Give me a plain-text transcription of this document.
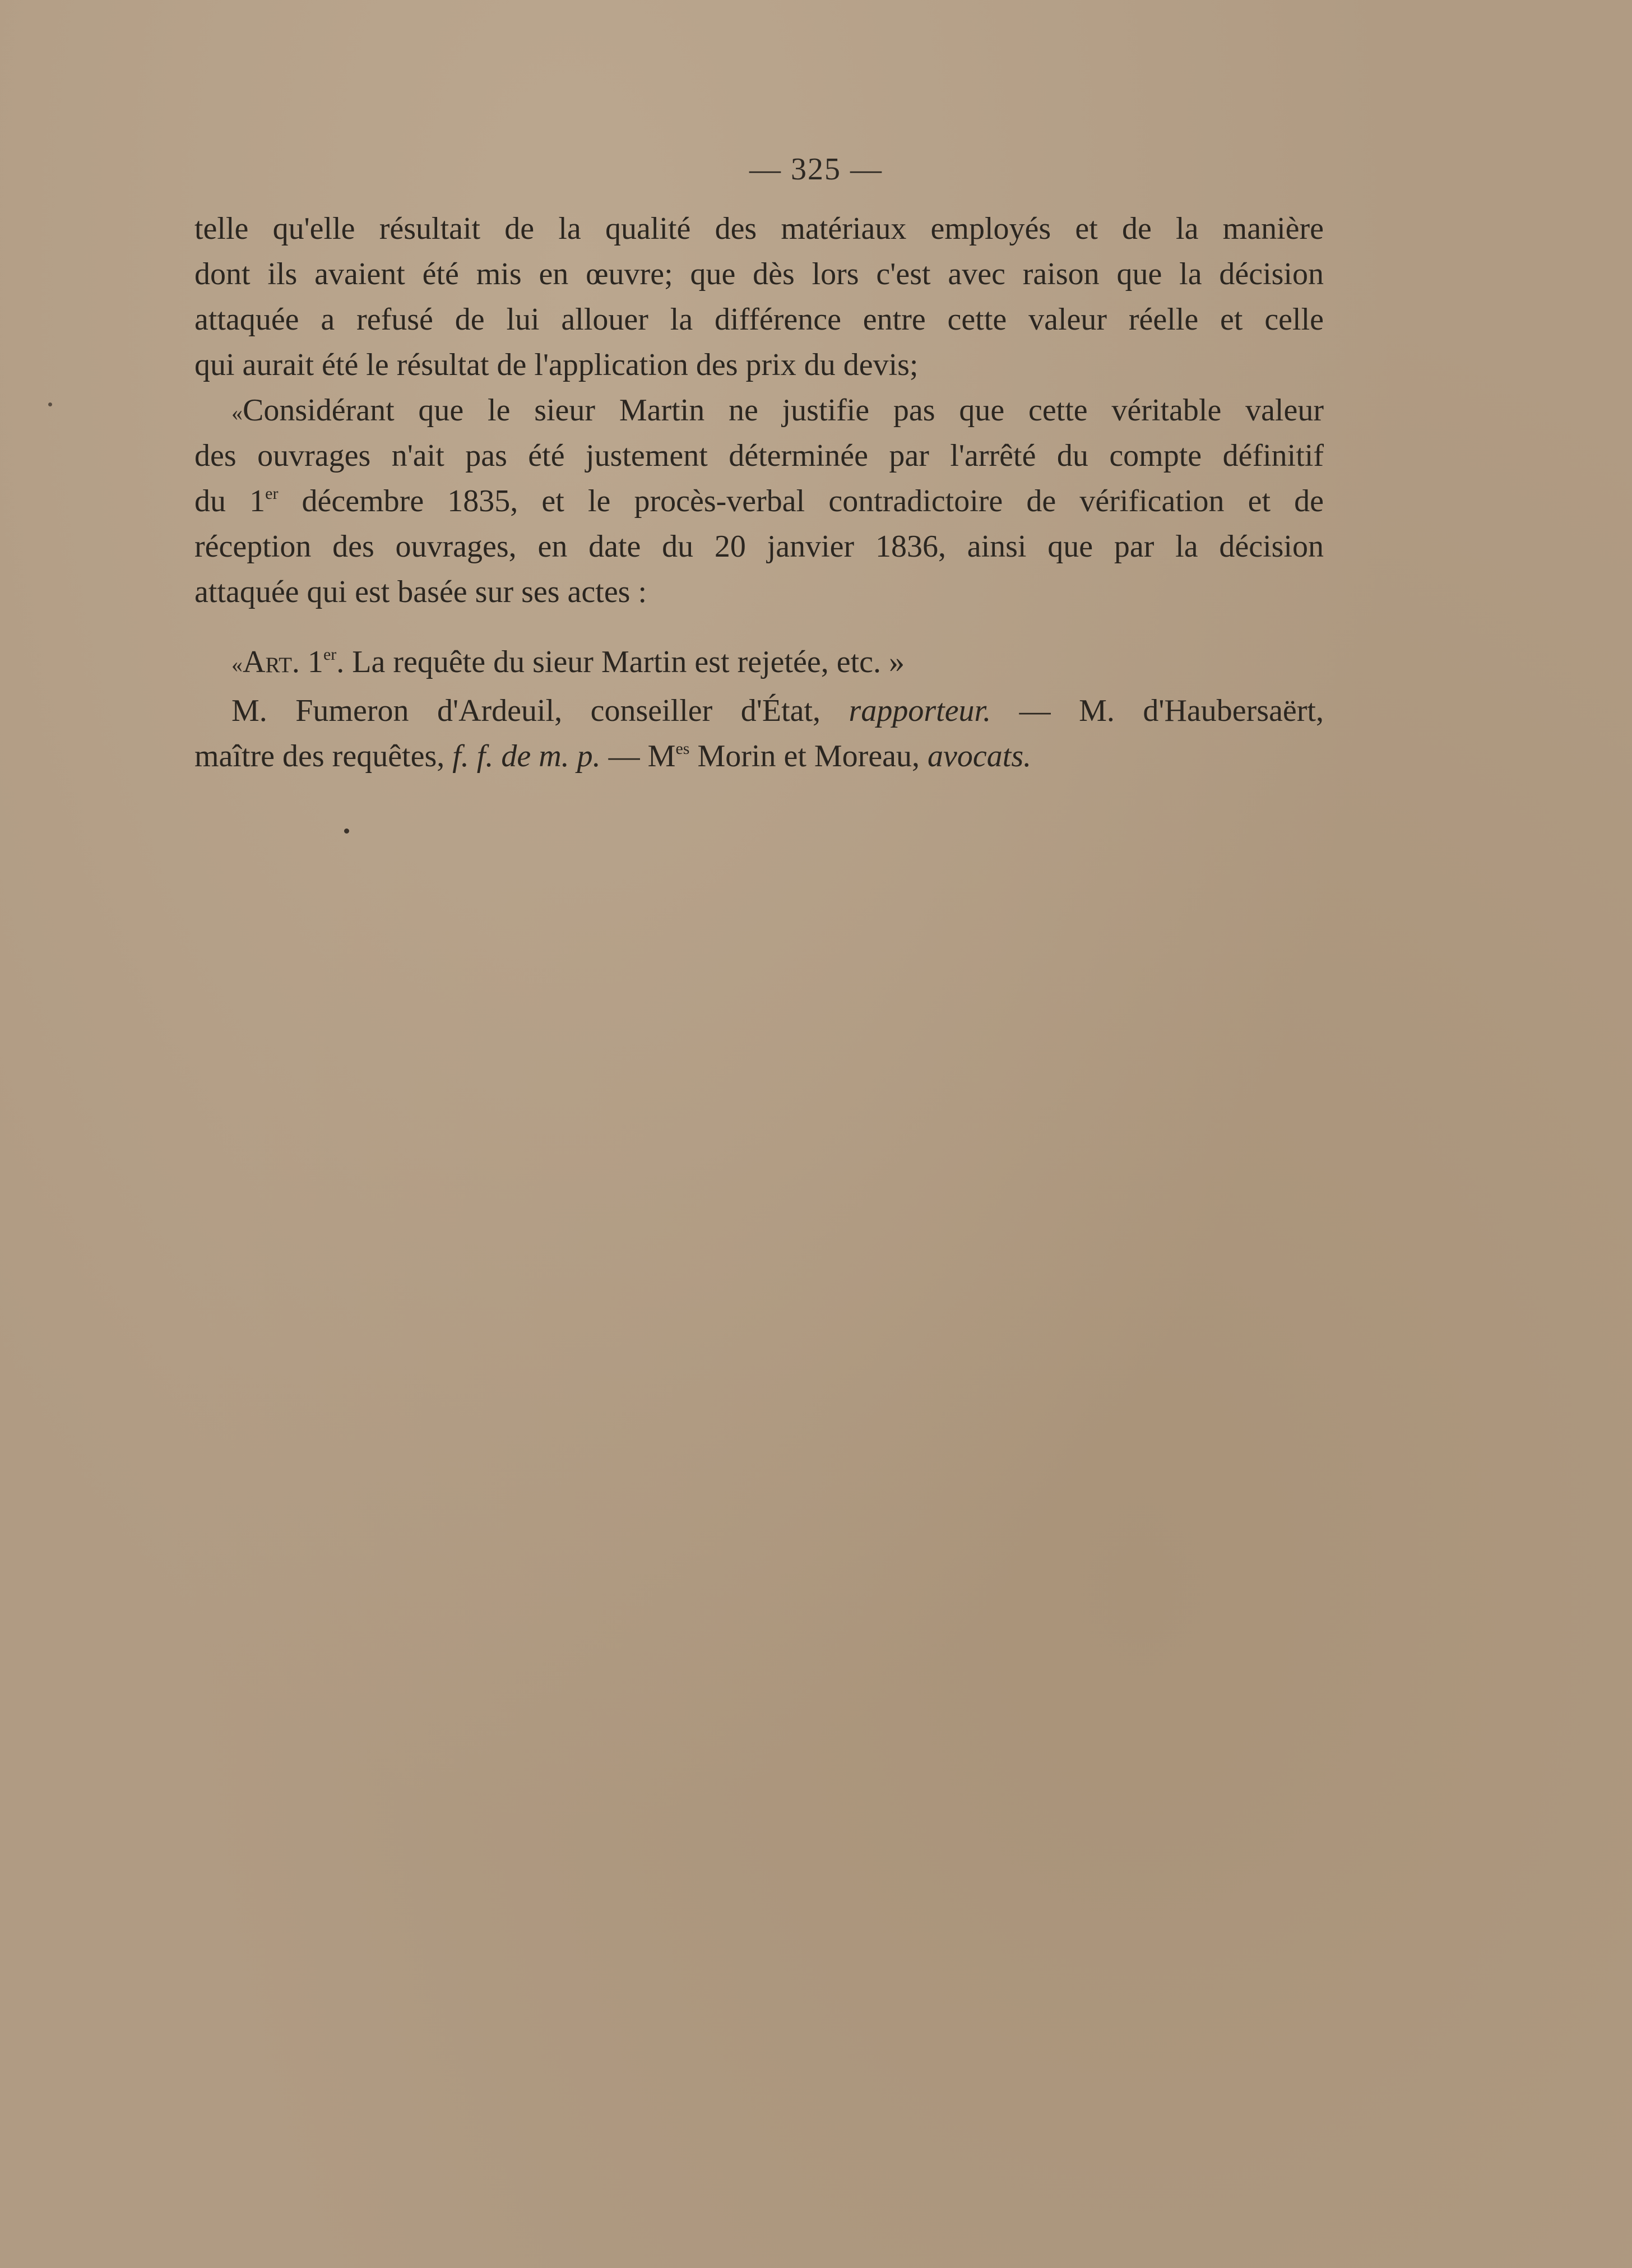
— 325 —
telle qu'elle résultait de la qualité des matériaux employés et de la manière
dont ils avaient été mis en œuvre; que dès lors c'est avec raison que la décision
attaquée a refusé de lui allouer la différence entre cette valeur réelle et celle
qui aurait été le résultat de l'application des prix du devis;
«Considérant que le sieur Martin ne justifie pas que cette véritable valeur
des ouvrages n'ait pas été justement déterminée par l'arrêté du compte définitif
du 1er décembre 1835, et le procès-verbal contradictoire de vérification et de
réception des ouvrages, en date du 20 janvier 1836, ainsi que par la décision
attaquée qui est basée sur ses actes :
«Art. 1er. La requête du sieur Martin est rejetée, etc. »
M. Fumeron d'Ardeuil, conseiller d'État, rapporteur. — M. d'Haubersaërt,
maître des requêtes, f. f. de m. p. — $M^{es}$ Morin et Moreau, avocats.
